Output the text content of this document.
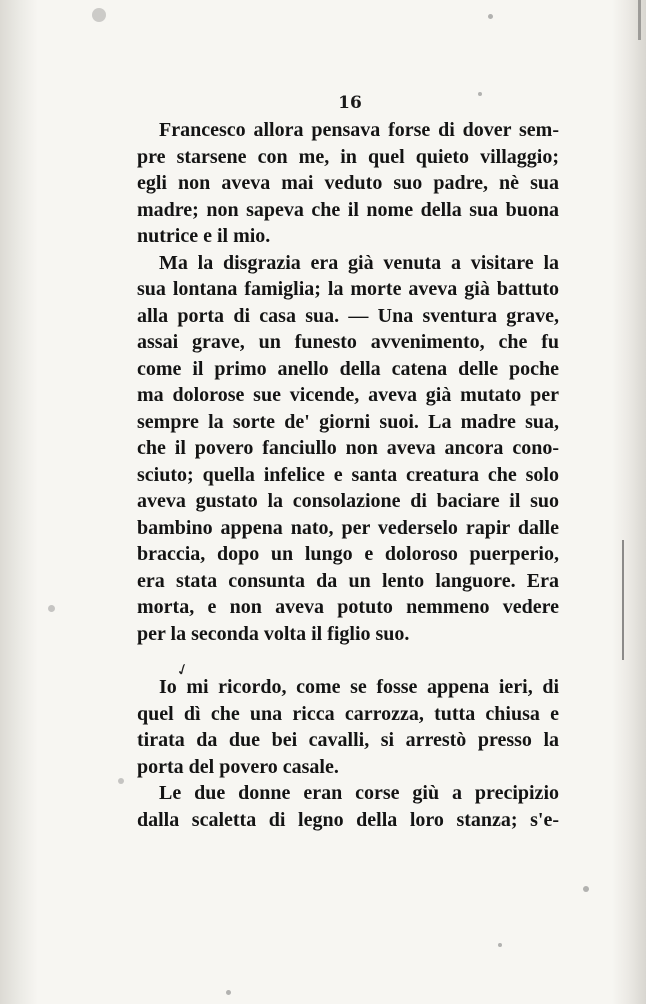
16
✓
Francesco allora pensava forse di dover sem-
pre starsene con me, in quel quieto villaggio;
egli non aveva mai veduto suo padre, nè sua
madre; non sapeva che il nome della sua buona
nutrice e il mio.
Ma la disgrazia era già venuta a visitare la
sua lontana famiglia; la morte aveva già battuto
alla porta di casa sua. — Una sventura grave,
assai grave, un funesto avvenimento, che fu
come il primo anello della catena delle poche
ma dolorose sue vicende, aveva già mutato per
sempre la sorte de' giorni suoi. La madre sua,
che il povero fanciullo non aveva ancora cono-
sciuto; quella infelice e santa creatura che solo
aveva gustato la consolazione di baciare il suo
bambino appena nato, per vederselo rapir dalle
braccia, dopo un lungo e doloroso puerperio,
era stata consunta da un lento languore. Era
morta, e non aveva potuto nemmeno vedere
per la seconda volta il figlio suo.
Io mi ricordo, come se fosse appena ieri, di
quel dì che una ricca carrozza, tutta chiusa e
tirata da due bei cavalli, si arrestò presso la
porta del povero casale.
Le due donne eran corse giù a precipizio
dalla scaletta di legno della loro stanza; s'e-
